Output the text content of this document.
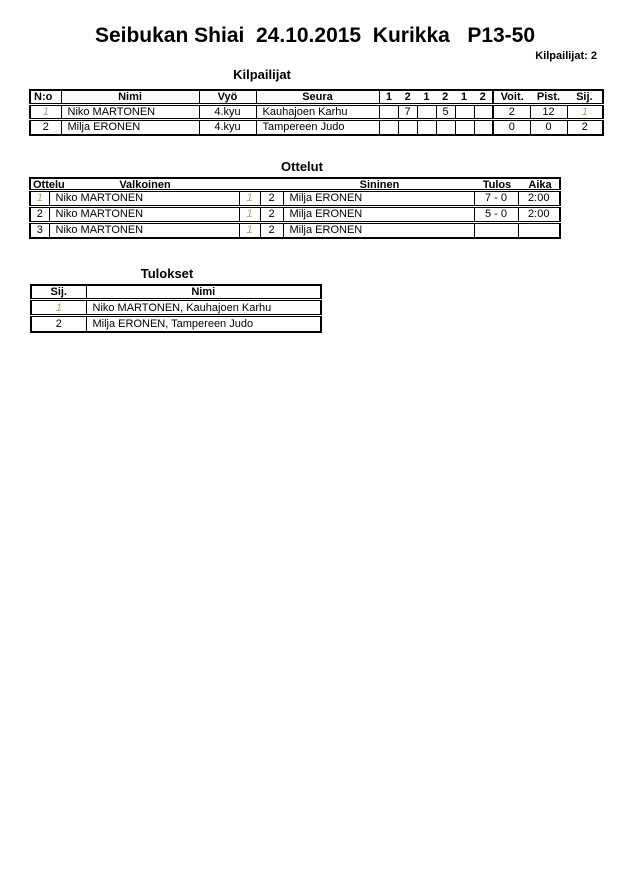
Seibukan Shiai  24.10.2015  Kurikka   P13-50
Kilpailijat: 2
Kilpailijat
N:o	Nimi	Vyö	Seura	1	2	1	2	1	2	Voit.	Pist.	Sij.

1	Niko MARTONEN	4.kyu	Kauhajoen Karhu		7		5			2	12	1
2	Milja ERONEN	4.kyu	Tampereen Judo							0	0	2
Ottelut
Ottelu Valkoinen Sininen Tulos Aika						

1	Niko MARTONEN	1	2	Milja ERONEN	7 - 0	2:00
2	Niko MARTONEN	1	2	Milja ERONEN	5 - 0	2:00
3	Niko MARTONEN	1	2	Milja ERONEN		
Tulokset
Sij.	Nimi
1	Niko MARTONEN, Kauhajoen Karhu
2	Milja ERONEN, Tampereen Judo
